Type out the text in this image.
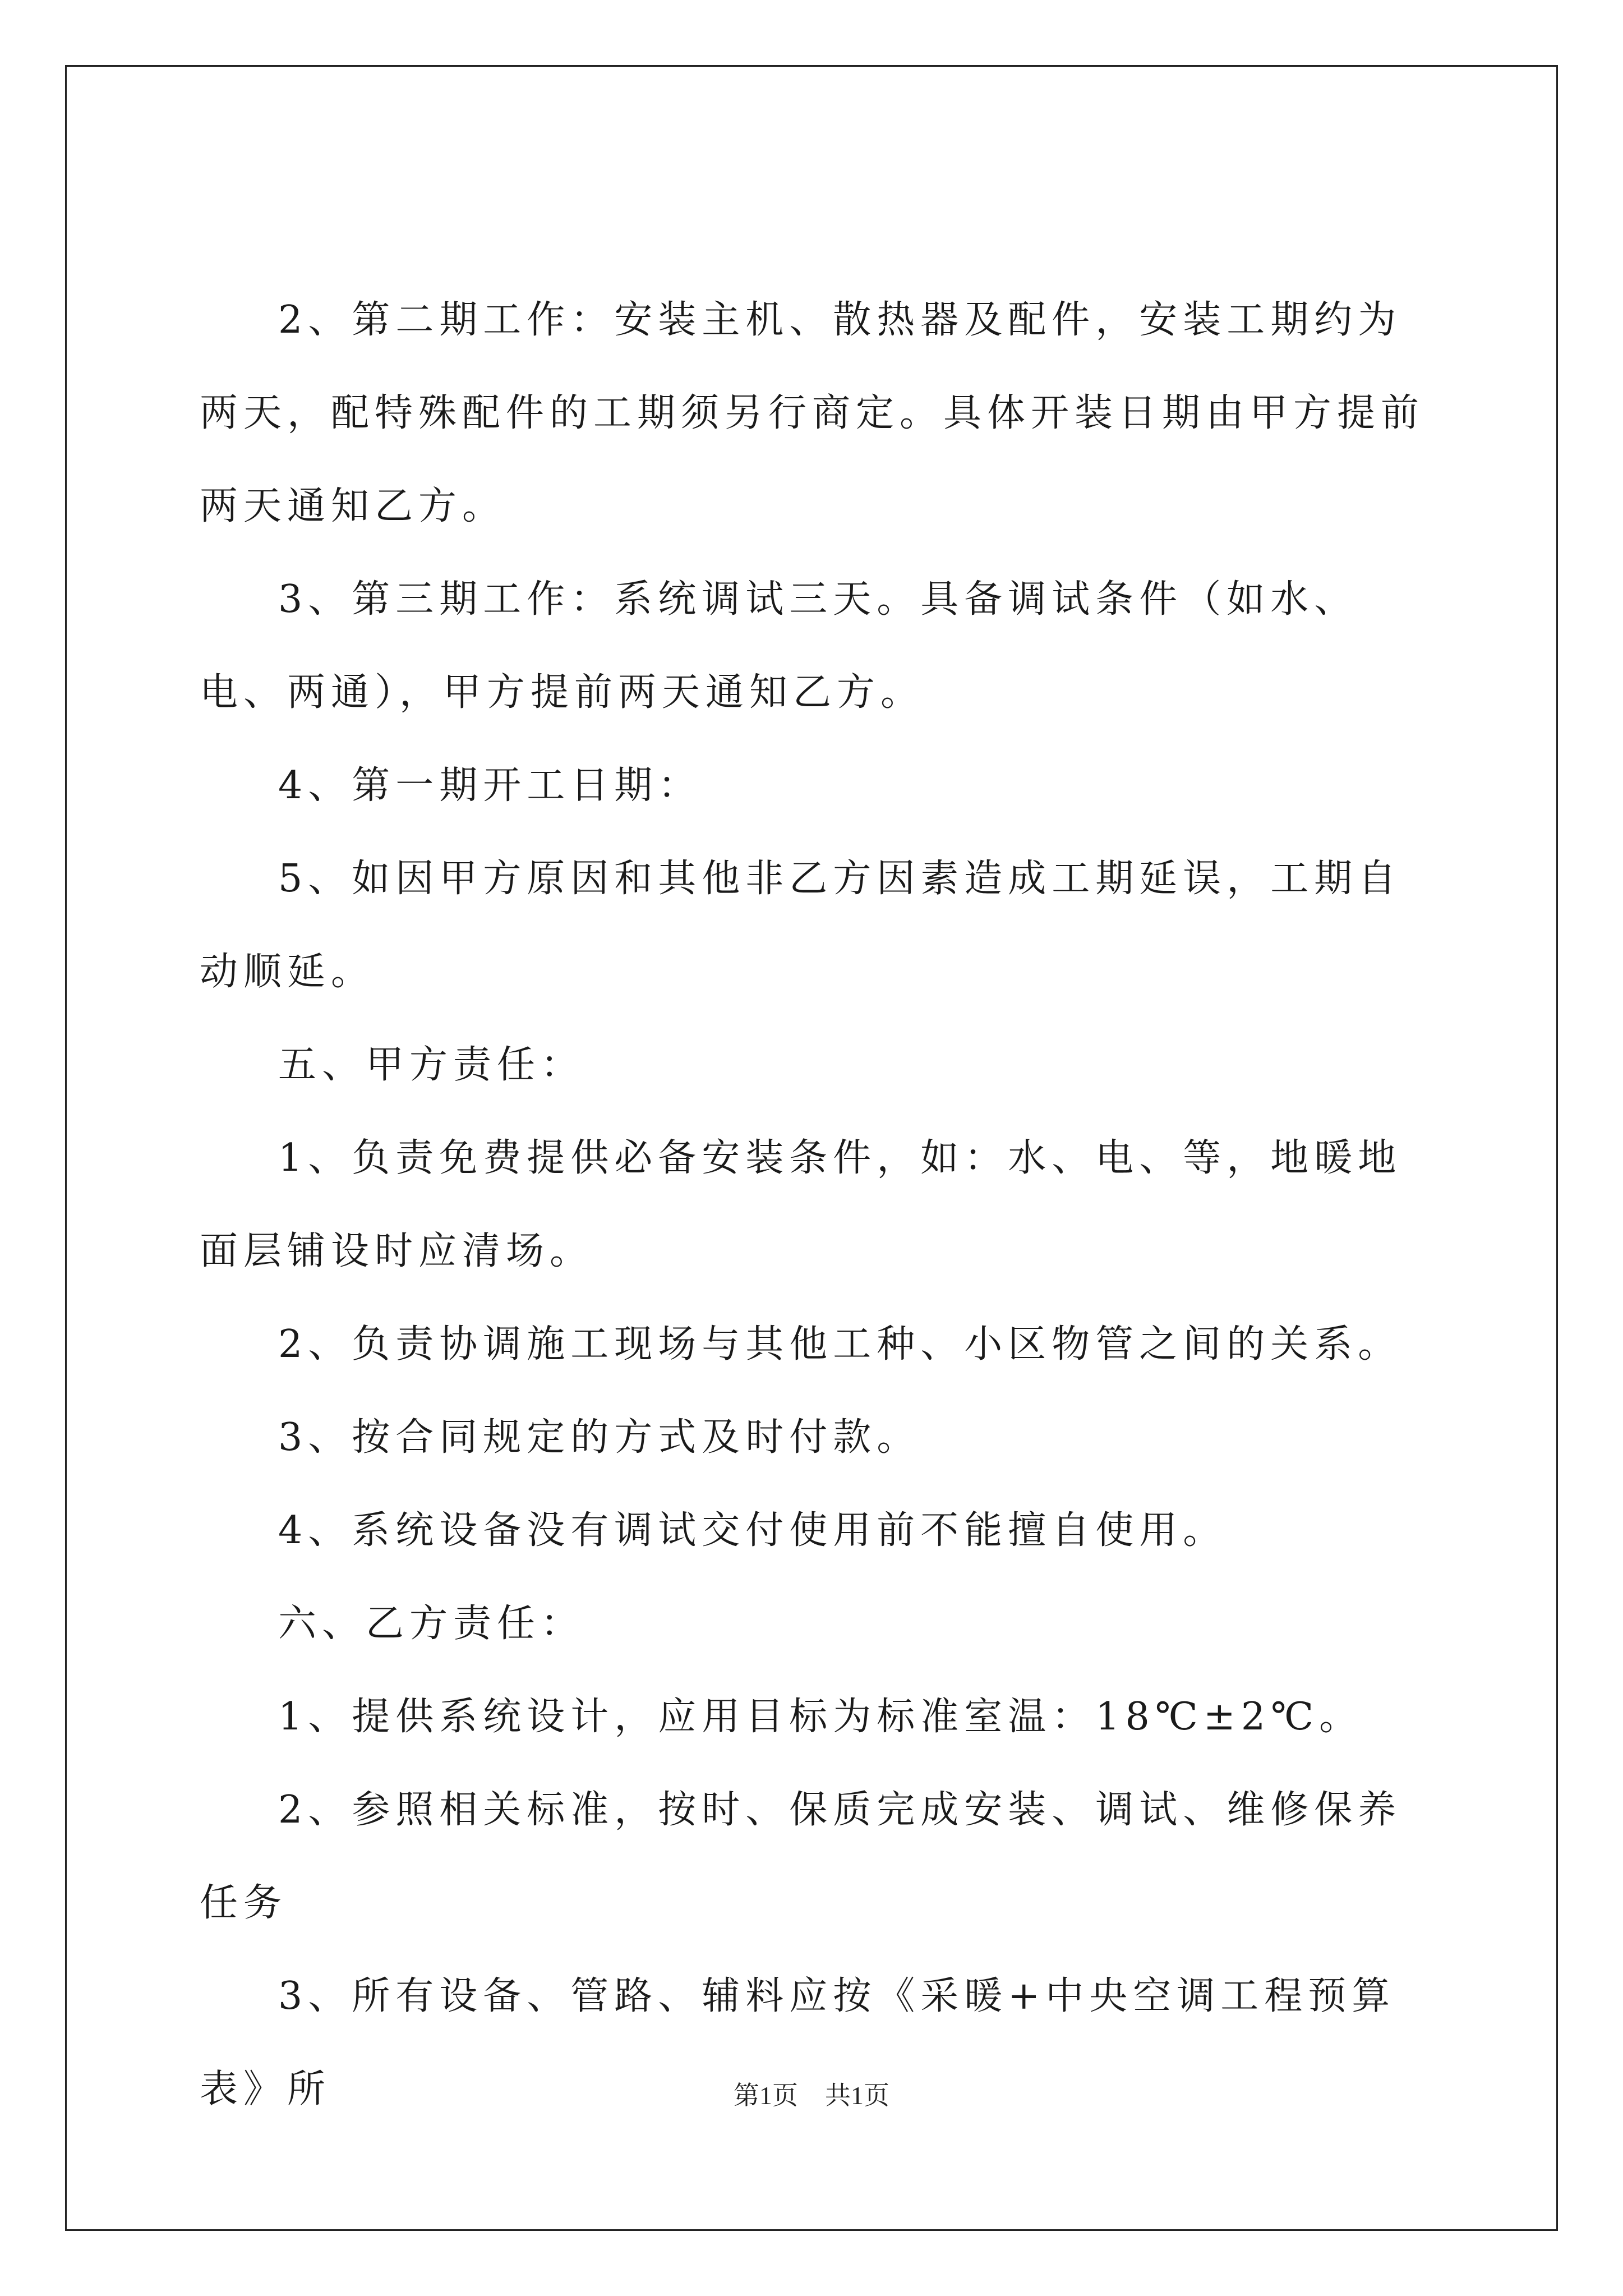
2、第二期工作：安装主机、散热器及配件，安装工期约为两天，配特殊配件的工期须另行商定。具体开装日期由甲方提前两天通知乙方。

3、第三期工作：系统调试三天。具备调试条件（如水、电、两通），甲方提前两天通知乙方。

4、第一期开工日期：

5、如因甲方原因和其他非乙方因素造成工期延误，工期自动顺延。

五、甲方责任：

1、负责免费提供必备安装条件，如：水、电、等，地暖地面层铺设时应清场。

2、负责协调施工现场与其他工种、小区物管之间的关系。

3、按合同规定的方式及时付款。

4、系统设备没有调试交付使用前不能擅自使用。

六、乙方责任：

1、提供系统设计，应用目标为标准室温：18℃±2℃。

2、参照相关标准，按时、保质完成安装、调试、维修保养任务

3、所有设备、管路、辅料应按《采暖+中央空调工程预算表》所	第1页 共1页
